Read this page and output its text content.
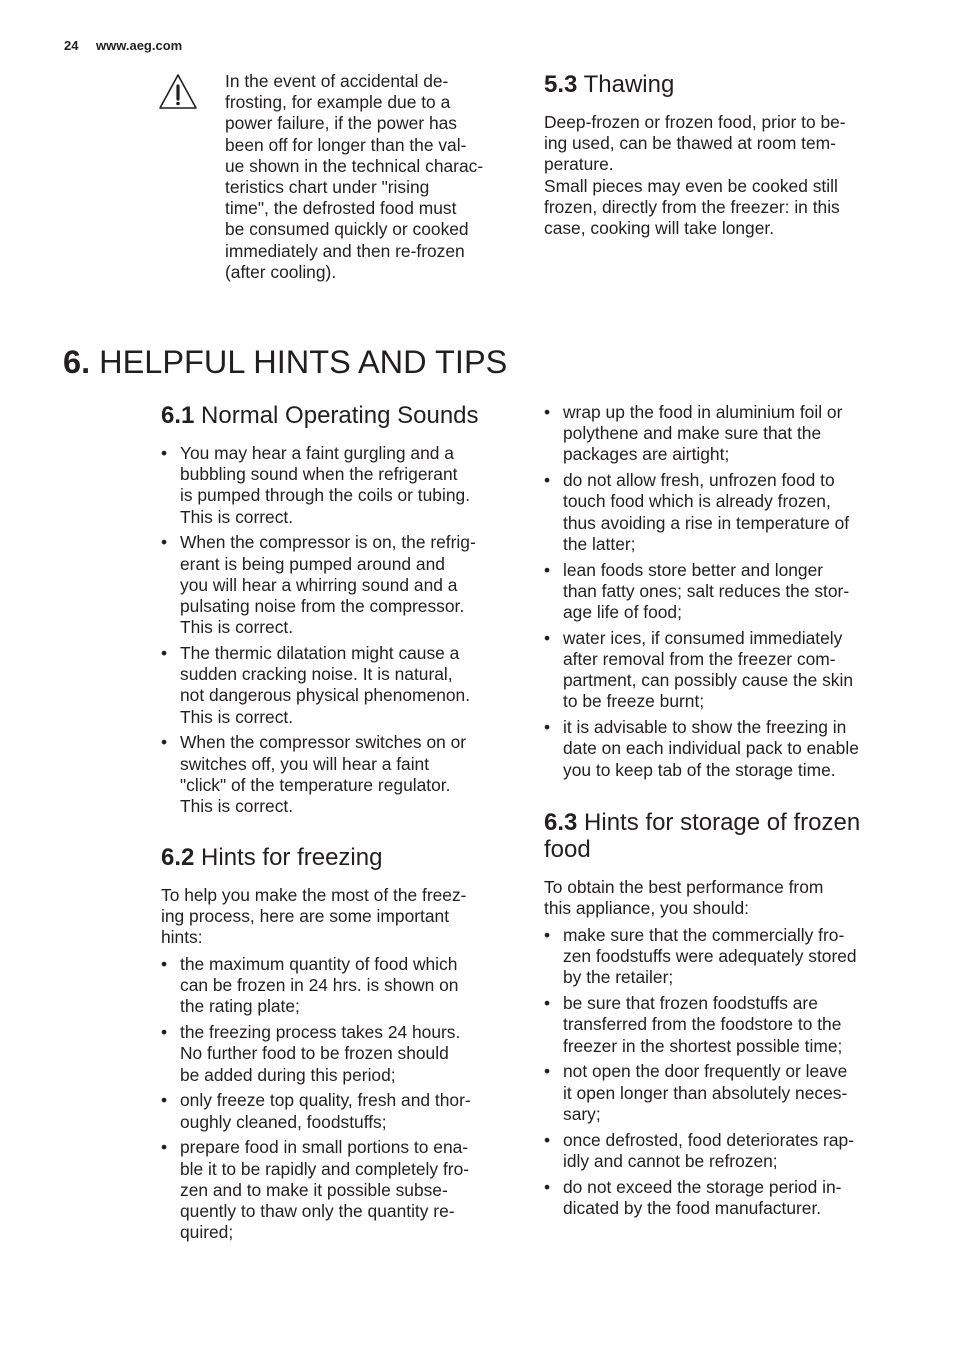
24 www.aeg.com

In the event of accidental de-
frosting, for example due to a
power failure, if the power has
been off for longer than the val-
ue shown in the technical charac-
teristics chart under "rising
time", the defrosted food must
be consumed quickly or cooked
immediately and then re-frozen
(after cooling).

5.3 Thawing

Deep-frozen or frozen food, prior to be-
ing used, can be thawed at room tem-
perature.

Small pieces may even be cooked still
frozen, directly from the freezer: in this
case, cooking will take longer.

6. HELPFUL HINTS AND TIPS
6.1 Normal Operating Sounds
• You may hear a faint gurgling and a
bubbling sound when the refrigerant
is pumped through the coils or tubing.
This is correct.
• When the compressor is on, the refrig-
erant is being pumped around and
you will hear a whirring sound and a
pulsating noise from the compressor.
This is correct.
• The thermic dilatation might cause a
sudden cracking noise. It is natural,
not dangerous physical phenomenon.
This is correct.
• When the compressor switches on or
switches off, you will hear a faint
"click" of the temperature regulator.
This is correct.
6.2 Hints for freezing

To help you make the most of the freez-
ing process, here are some important
hints:

• the maximum quantity of food which
can be frozen in 24 hrs. is shown on
the rating plate;
• the freezing process takes 24 hours.
No further food to be frozen should
be added during this period;
• only freeze top quality, fresh and thor-
oughly cleaned, foodstuffs;
• prepare food in small portions to ena-
ble it to be rapidly and completely fro-
zen and to make it possible subse-
quently to thaw only the quantity re-
quired;
• wrap up the food in aluminium foil or
polythene and make sure that the
packages are airtight;
• do not allow fresh, unfrozen food to
touch food which is already frozen,
thus avoiding a rise in temperature of
the latter;
• lean foods store better and longer
than fatty ones; salt reduces the stor-
age life of food;
• water ices, if consumed immediately
after removal from the freezer com-
partment, can possibly cause the skin
to be freeze burnt;
• it is advisable to show the freezing in
date on each individual pack to enable
you to keep tab of the storage time.
6.3 Hints for storage of frozen
food

To obtain the best performance from
this appliance, you should:

• make sure that the commercially fro-
zen foodstuffs were adequately stored
by the retailer;
• be sure that frozen foodstuffs are
transferred from the foodstore to the
freezer in the shortest possible time;
• not open the door frequently or leave
it open longer than absolutely neces-
sary;
• once defrosted, food deteriorates rap-
idly and cannot be refrozen;
• do not exceed the storage period in-
dicated by the food manufacturer.
